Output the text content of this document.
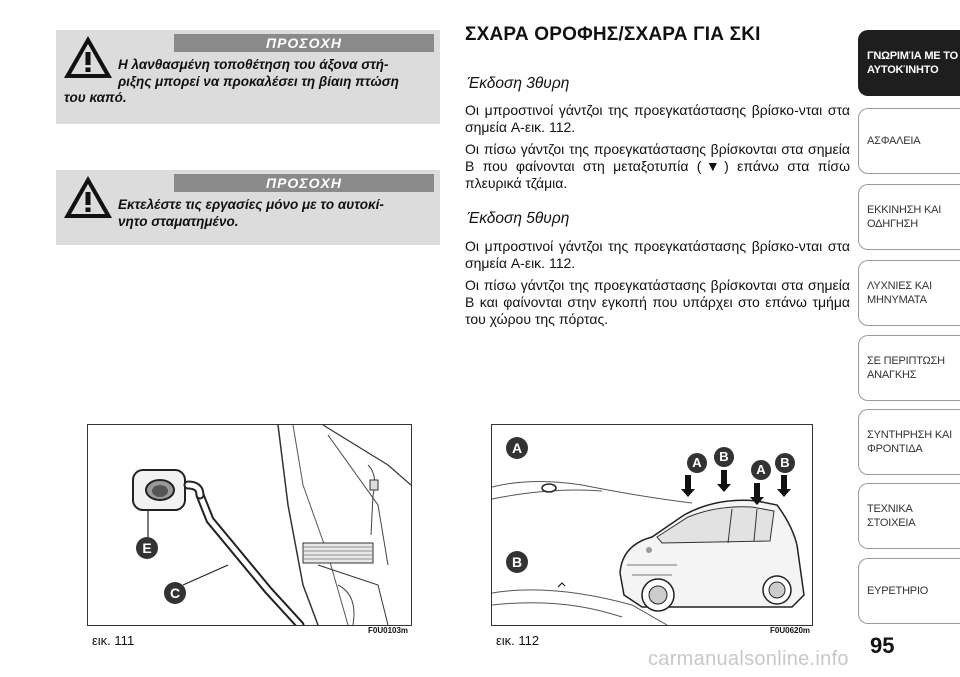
ΠΡΟΣΟΧΗ
Η λανθασμένη τοποθέτηση του άξονα στή-
ριξης μπορεί να προκαλέσει τη βίαιη πτώση
του καπό.
ΠΡΟΣΟΧΗ
Εκτελέστε τις εργασίες μόνο με το αυτοκί-
νητο σταματημένο.
ΣΧΑΡΑ ΟΡΟΦΗΣ/ΣΧΑΡΑ ΓΙΑ ΣΚΙ
Έκδοση 3θυρη

Οι μπροστινοί γάντζοι της προεγκατάστασης βρίσκο-νται στα σημεία A-εικ. 112.

Οι πίσω γάντζοι της προεγκατάστασης βρίσκονται στα σημεία B που φαίνονται στη μεταξοτυπία (▼) επάνω στα πίσω πλευρικά τζάμια.

Έκδοση 5θυρη

Οι μπροστινοί γάντζοι της προεγκατάστασης βρίσκο-νται στα σημεία A-εικ. 112.

Οι πίσω γάντζοι της προεγκατάστασης βρίσκονται στα σημεία B και φαίνονται στην εγκοπή που υπάρχει στο επάνω τμήμα του χώρου της πόρτας.

ΓΝΩΡΙΜΊΑ ΜΕ ΤΟ
ΑΥΤΟΚΊΝΗΤΟ
ΑΣΦΑΛΕΙΑ
ΕΚΚΙΝΗΣΗ ΚΑΙ
ΟΔΗΓΗΣΗ
ΛΥΧΝΙΕΣ ΚΑΙ
ΜΗΝΥΜΑΤΑ
ΣΕ ΠΕΡΙΠΤΩΣΗ
ΑΝΑΓΚΗΣ
ΣΥΝΤΗΡΗΣΗ ΚΑΙ
ΦΡΟΝΤΙΔΑ
ΤΕΧΝΙΚΑ ΣΤΟΙΧΕΙΑ
ΕΥΡΕΤΗΡΙΟ
E
C
εικ. 111
F0U0103m
A
A	B
A	B
B
εικ. 112
F0U0620m
95
carmanualsonline.info
